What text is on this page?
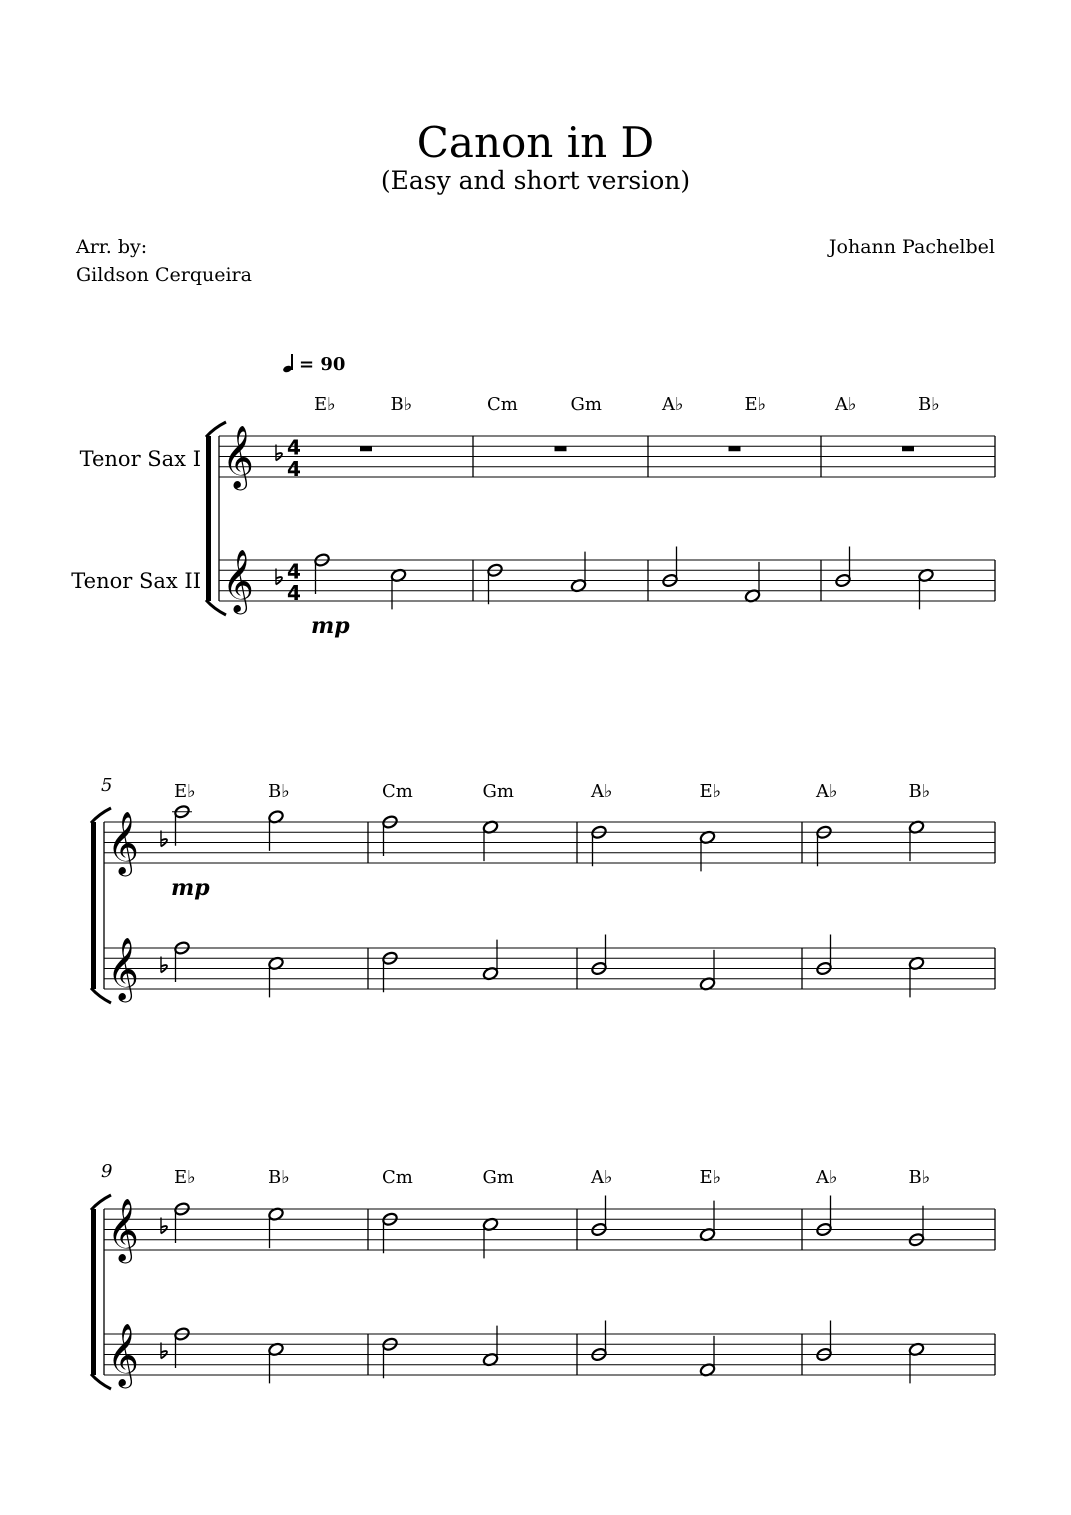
Canon in D
(Easy and short version)
Arr. by:
Gildson Cerqueira
Johann Pachelbel
= 90
Tenor Sax I
Tenor Sax II
𝄞 4
4
𝄞 4
4
E♭	B♭	Cm	Gm	A♭	E♭	A♭	B♭
5
𝄞
𝄞
E♭	B♭	Cm	Gm	A♭	E♭	A♭	B♭
9
𝄞
𝄞
E♭	B♭	Cm	Gm	A♭	E♭	A♭	B♭
mp
mp
